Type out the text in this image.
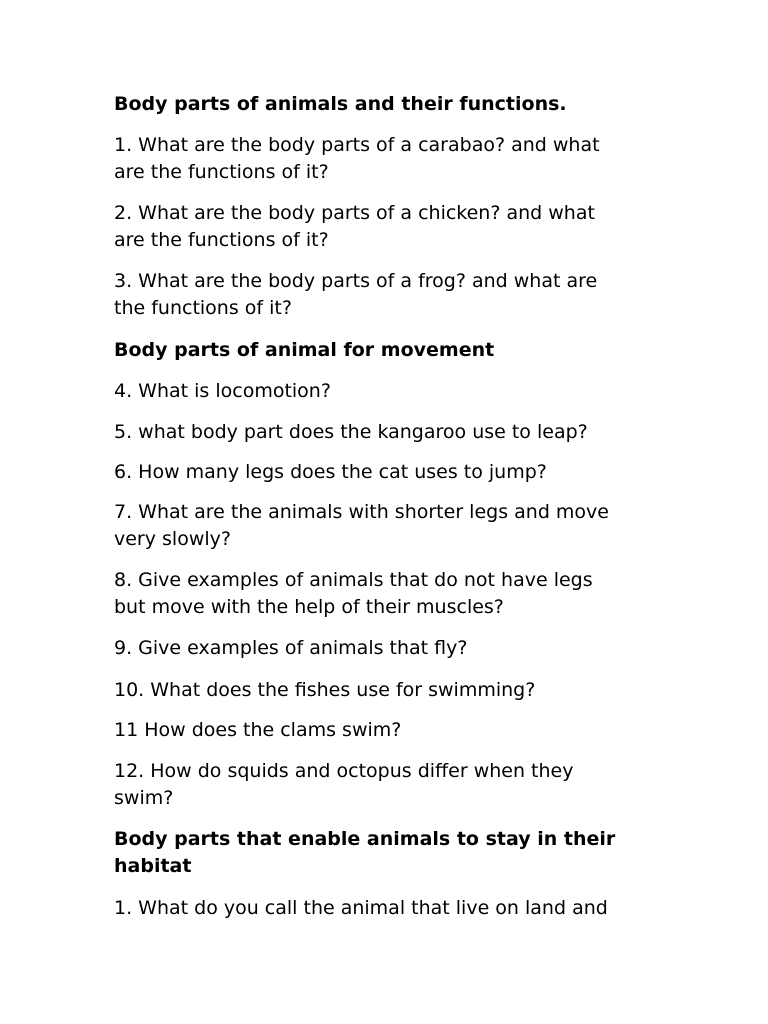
Body parts of animals and their functions.

1. What are the body parts of a carabao? and what

are the functions of it?

2. What are the body parts of a chicken? and what

are the functions of it?

3. What are the body parts of a frog? and what are

the functions of it?

Body parts of animal for movement

4. What is locomotion?

5. what body part does the kangaroo use to leap?

6. How many legs does the cat uses to jump?

7. What are the animals with shorter legs and move

very slowly?

8. Give examples of animals that do not have legs

but move with the help of their muscles?

9. Give examples of animals that fly?

10. What does the fishes use for swimming?

11 How does the clams swim?

12. How do squids and octopus differ when they

swim?

Body parts that enable animals to stay in their

habitat

1. What do you call the animal that live on land and
